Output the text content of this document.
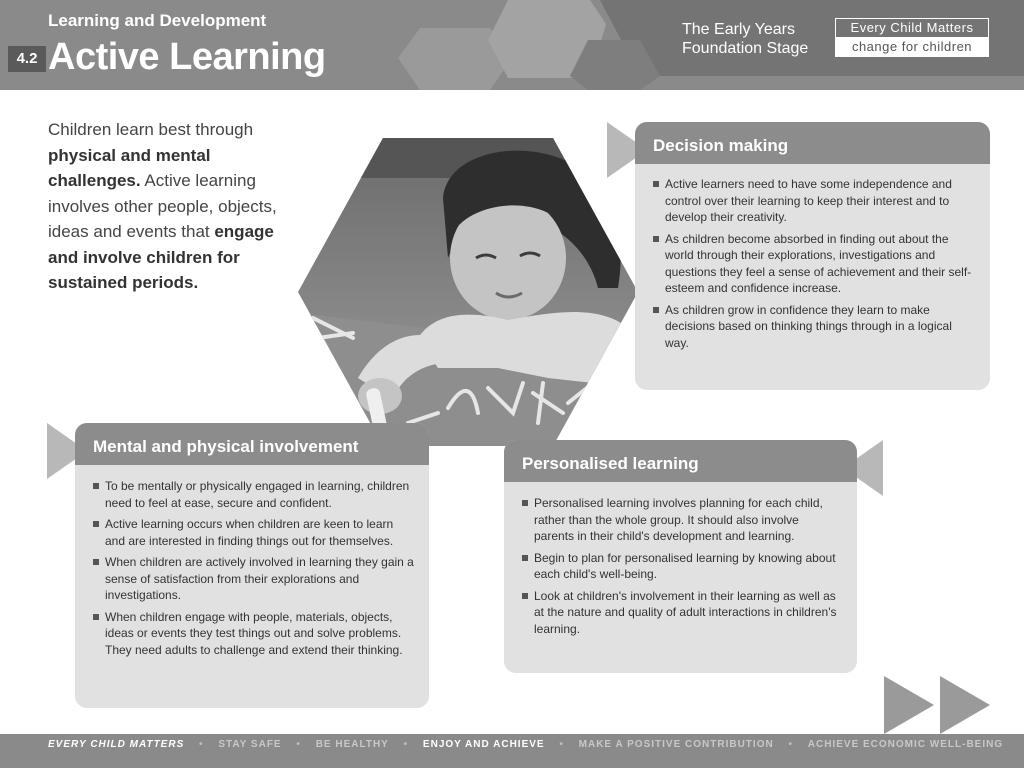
Learning and Development
4.2 Active Learning
The Early Years
Foundation Stage
Every Child Matters
change for children

Children learn best through physical and mental challenges. Active learning involves other people, objects, ideas and events that engage and involve children for sustained periods.

Decision making
Active learners need to have some independence and control over their learning to keep their interest and to develop their creativity.
As children become absorbed in finding out about the world through their explorations, investigations and questions they feel a sense of achievement and their self-esteem and confidence increase.
As children grow in confidence they learn to make decisions based on thinking things through in a logical way.
Mental and physical involvement
To be mentally or physically engaged in learning, children need to feel at ease, secure and confident.
Active learning occurs when children are keen to learn and are interested in finding things out for themselves.
When children are actively involved in learning they gain a sense of satisfaction from their explorations and investigations.
When children engage with people, materials, objects, ideas or events they test things out and solve problems. They need adults to challenge and extend their thinking.
Personalised learning
Personalised learning involves planning for each child, rather than the whole group. It should also involve parents in their child's development and learning.
Begin to plan for personalised learning by knowing about each child's well-being.
Look at children's involvement in their learning as well as at the nature and quality of adult interactions in children's learning.
EVERY CHILD MATTERS • STAY SAFE • BE HEALTHY • ENJOY AND ACHIEVE • MAKE A POSITIVE CONTRIBUTION • ACHIEVE ECONOMIC WELL-BEING
